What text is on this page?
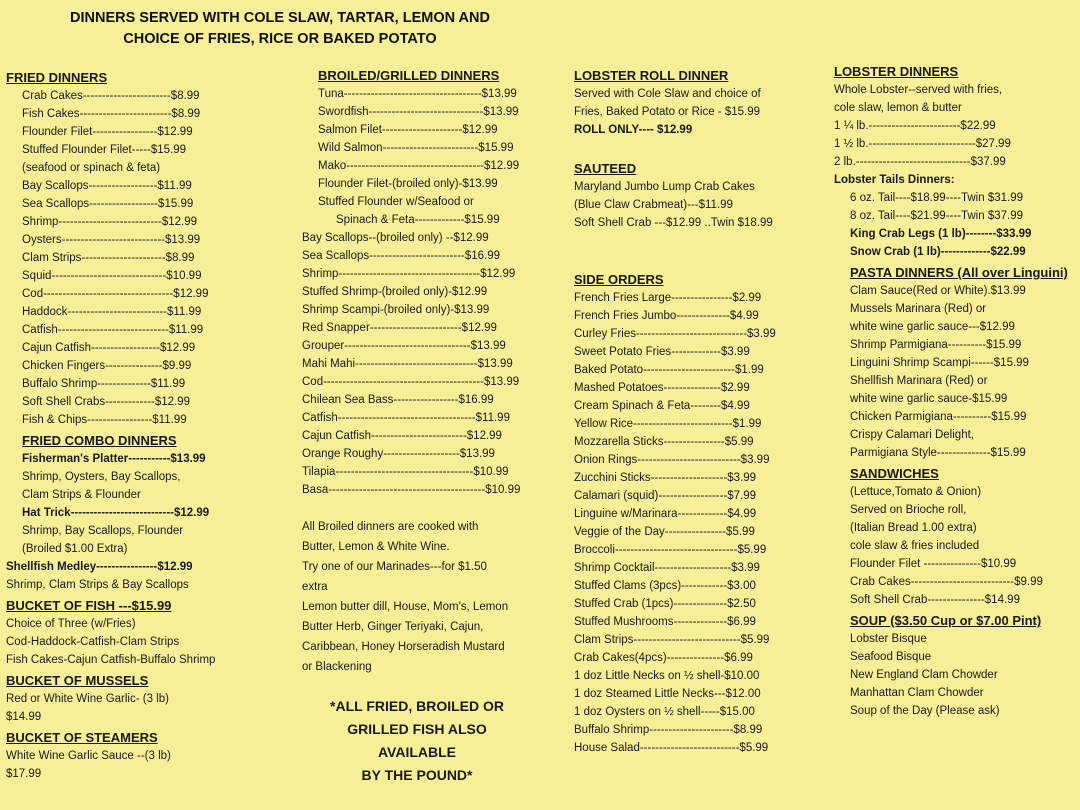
DINNERS SERVED WITH COLE SLAW, TARTAR, LEMON AND
CHOICE OF FRIES, RICE OR BAKED POTATO
FRIED DINNERS
Crab Cakes-----------------------$8.99
Fish Cakes------------------------$8.99
Flounder Filet-----------------$12.99
Stuffed Flounder Filet-----$15.99
(seafood or spinach & feta)
Bay Scallops------------------$11.99
Sea Scallops------------------$15.99
Shrimp---------------------------$12.99
Oysters---------------------------$13.99
Clam Strips----------------------$8.99
Squid------------------------------$10.99
Cod----------------------------------$12.99
Haddock--------------------------$11.99
Catfish-----------------------------$11.99
Cajun Catfish------------------$12.99
Chicken Fingers---------------$9.99
Buffalo Shrimp--------------$11.99
Soft Shell Crabs-------------$12.99
Fish & Chips-----------------$11.99
FRIED COMBO DINNERS
Fisherman's Platter-----------$13.99
Shrimp, Oysters, Bay Scallops,
Clam Strips & Flounder
Hat Trick---------------------------$12.99
Shrimp, Bay Scallops, Flounder
(Broiled $1.00 Extra)
Shellfish Medley----------------$12.99
Shrimp, Clam Strips & Bay Scallops
BUCKET OF FISH ---$15.99
Choice of Three (w/Fries)
Cod-Haddock-Catfish-Clam Strips
Fish Cakes-Cajun Catfish-Buffalo Shrimp
BUCKET OF MUSSELS
Red or White Wine Garlic- (3 lb)
$14.99
BUCKET OF STEAMERS
White Wine Garlic Sauce --(3 lb)
$17.99
BROILED/GRILLED DINNERS
Tuna------------------------------------$13.99
Swordfish------------------------------$13.99
Salmon Filet---------------------$12.99
Wild Salmon-------------------------$15.99
Mako------------------------------------$12.99
Flounder Filet-(broiled only)-$13.99
Stuffed Flounder w/Seafood or
Spinach & Feta-------------$15.99
Bay Scallops--(broiled only) --$12.99
Sea Scallops-------------------------$16.99
Shrimp-------------------------------------$12.99
Stuffed Shrimp-(broiled only)-$12.99
Shrimp Scampi-(broiled only)-$13.99
Red Snapper------------------------$12.99
Grouper---------------------------------$13.99
Mahi Mahi--------------------------------$13.99
Cod------------------------------------------$13.99
Chilean Sea Bass-----------------$16.99
Catfish------------------------------------$11.99
Cajun Catfish-------------------------$12.99
Orange Roughy--------------------$13.99
Tilapia------------------------------------$10.99
Basa-----------------------------------------$10.99
All Broiled dinners are cooked with
Butter, Lemon & White Wine.
Try one of our Marinades---for $1.50
extra
Lemon butter dill, House, Mom's, Lemon
Butter Herb, Ginger Teriyaki, Cajun,
Caribbean, Honey Horseradish Mustard
or Blackening
*ALL FRIED, BROILED OR
GRILLED FISH ALSO
AVAILABLE
BY THE POUND*
LOBSTER ROLL DINNER
Served with Cole Slaw and choice of
Fries, Baked Potato or Rice - $15.99
ROLL ONLY---- $12.99
SAUTEED
Maryland Jumbo Lump Crab Cakes
(Blue Claw Crabmeat)---$11.99
Soft Shell Crab ---$12.99 ..Twin $18.99
SIDE ORDERS
French Fries Large----------------$2.99
French Fries Jumbo--------------$4.99
Curley Fries-----------------------------$3.99
Sweet Potato Fries-------------$3.99
Baked Potato------------------------$1.99
Mashed Potatoes---------------$2.99
Cream Spinach & Feta--------$4.99
Yellow Rice--------------------------$1.99
Mozzarella Sticks----------------$5.99
Onion Rings---------------------------$3.99
Zucchini Sticks--------------------$3.99
Calamari (squid)------------------$7.99
Linguine w/Marinara-------------$4.99
Veggie of the Day----------------$5.99
Broccoli--------------------------------$5.99
Shrimp Cocktail--------------------$3.99
Stuffed Clams (3pcs)------------$3.00
Stuffed Crab (1pcs)--------------$2.50
Stuffed Mushrooms--------------$6.99
Clam Strips----------------------------$5.99
Crab Cakes(4pcs)---------------$6.99
1 doz Little Necks on ½ shell-$10.00
1 doz Steamed Little Necks---$12.00
1 doz Oysters on ½ shell-----$15.00
Buffalo Shrimp----------------------$8.99
House Salad--------------------------$5.99
LOBSTER DINNERS
Whole Lobster--served with fries,
cole slaw, lemon & butter
1 ¼ lb.------------------------$22.99
1 ½ lb.----------------------------$27.99
2 lb.------------------------------$37.99
Lobster Tails Dinners:
6 oz. Tail----$18.99----Twin $31.99
8 oz. Tail----$21.99----Twin $37.99
King Crab Legs (1 lb)--------$33.99
Snow Crab (1 lb)-------------$22.99
PASTA DINNERS (All over Linguini)
Clam Sauce(Red or White).$13.99
Mussels Marinara (Red) or
white wine garlic sauce---$12.99
Shrimp Parmigiana----------$15.99
Linguini Shrimp Scampi------$15.99
Shellfish Marinara (Red) or
white wine garlic sauce-$15.99
Chicken Parmigiana----------$15.99
Crispy Calamari Delight,
Parmigiana Style--------------$15.99
SANDWICHES
(Lettuce,Tomato & Onion)
Served on Brioche roll,
(Italian Bread 1.00 extra)
cole slaw & fries included
Flounder Filet ---------------$10.99
Crab Cakes---------------------------$9.99
Soft Shell Crab---------------$14.99
SOUP ($3.50 Cup or $7.00 Pint)
Lobster Bisque
Seafood Bisque
New England Clam Chowder
Manhattan Clam Chowder
Soup of the Day (Please ask)
